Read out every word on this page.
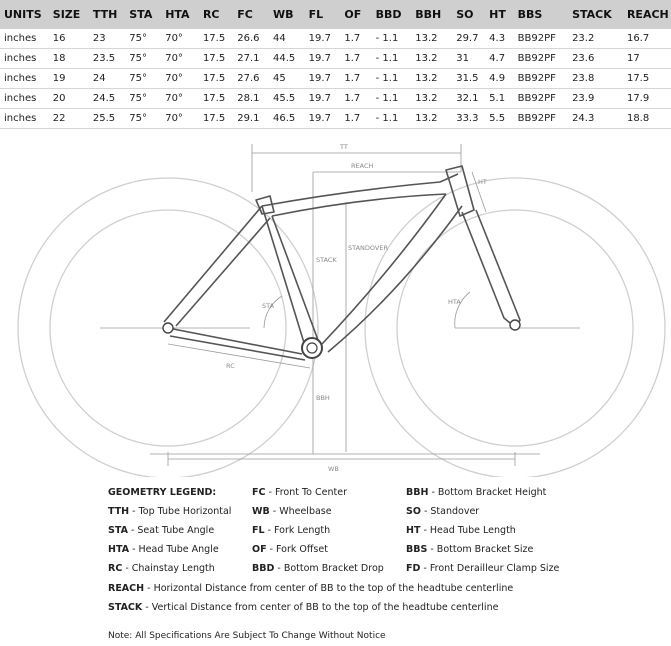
UNITS	SIZE	TTH	STA	HTA	RC	FC	WB	FL	OF	BBD	BBH	SO	HT	BBS	STACK	REACH
inches	16	23	75°	70°	17.5	26.6	44	19.7	1.7	- 1.1	13.2	29.7	4.3	BB92PF	23.2	16.7
inches	18	23.5	75°	70°	17.5	27.1	44.5	19.7	1.7	- 1.1	13.2	31	4.7	BB92PF	23.6	17
inches	19	24	75°	70°	17.5	27.6	45	19.7	1.7	- 1.1	13.2	31.5	4.9	BB92PF	23.8	17.5
inches	20	24.5	75°	70°	17.5	28.1	45.5	19.7	1.7	- 1.1	13.2	32.1	5.1	BB92PF	23.9	17.9
inches	22	25.5	75°	70°	17.5	29.1	46.5	19.7	1.7	- 1.1	13.2	33.3	5.5	BB92PF	24.3	18.8
TT
REACH
HT
STACK
STANDOVER
STA	HTA
RC
BBH
WB
GEOMETRY LEGEND:
TTH - Top Tube Horizontal
STA - Seat Tube Angle
HTA - Head Tube Angle
RC - Chainstay Length
FC - Front To Center
WB - Wheelbase
FL - Fork Length
OF - Fork Offset
BBD - Bottom Bracket Drop
BBH - Bottom Bracket Height
SO - Standover
HT - Head Tube Length
BBS - Bottom Bracket Size
FD - Front Derailleur Clamp Size
REACH - Horizontal Distance from center of BB to the top of the headtube centerline
STACK - Vertical Distance from center of BB to the top of the headtube centerline
Note: All Specifications Are Subject To Change Without Notice
